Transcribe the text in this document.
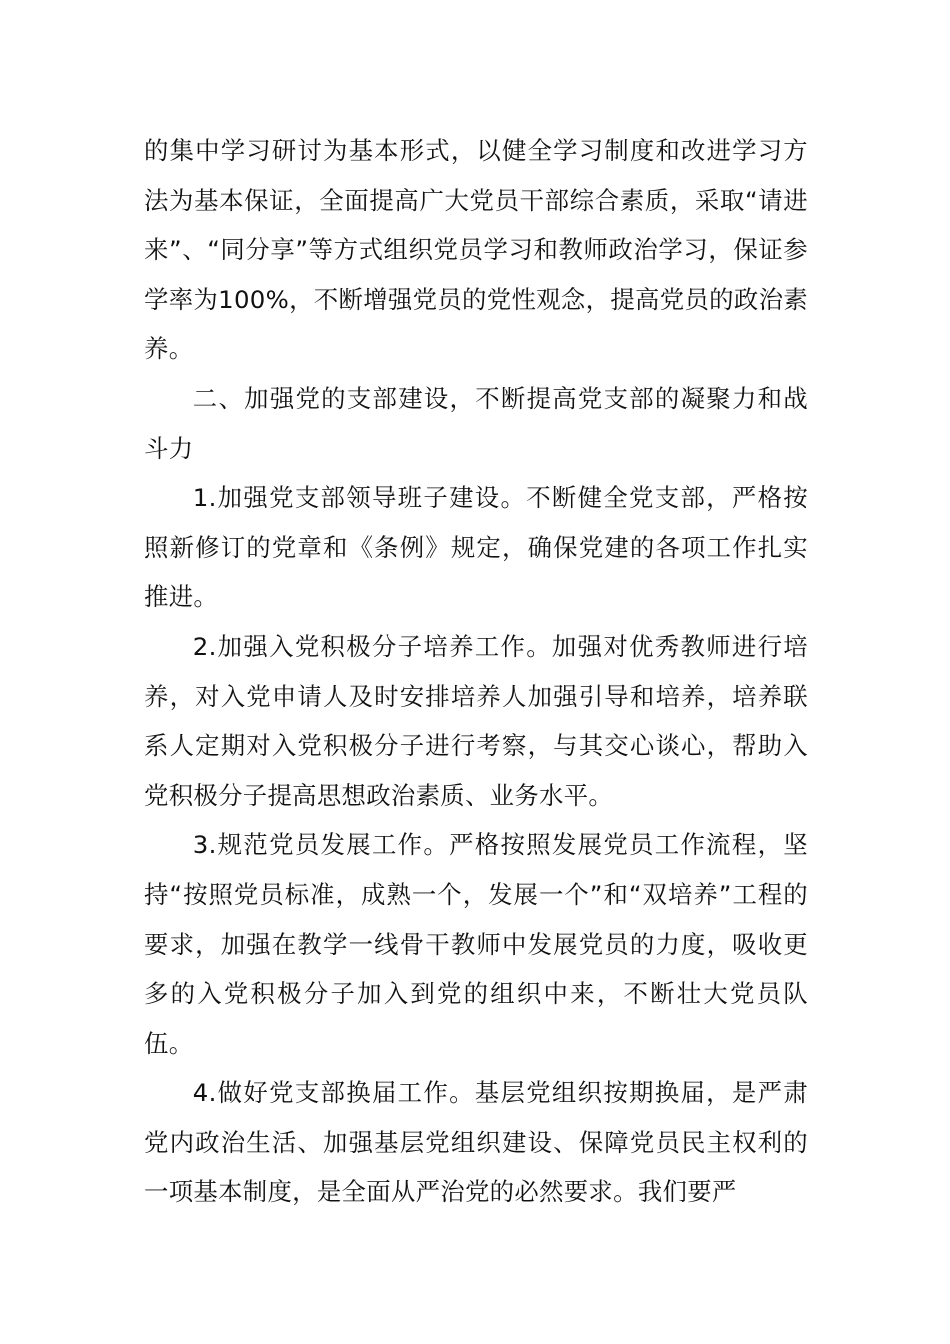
的集中学习研讨为基本形式，以健全学习制度和改进学习方法为基本保证，全面提高广大党员干部综合素质，采取“请进来”、“同分享”等方式组织党员学习和教师政治学习，保证参学率为100%，不断增强党员的党性观念，提高党员的政治素养。

二、加强党的支部建设，不断提高党支部的凝聚力和战斗力

1.加强党支部领导班子建设。不断健全党支部，严格按照新修订的党章和《条例》规定，确保党建的各项工作扎实推进。

2.加强入党积极分子培养工作。加强对优秀教师进行培养，对入党申请人及时安排培养人加强引导和培养，培养联系人定期对入党积极分子进行考察，与其交心谈心，帮助入党积极分子提高思想政治素质、业务水平。

3.规范党员发展工作。严格按照发展党员工作流程，坚持“按照党员标准，成熟一个，发展一个”和“双培养”工程的要求，加强在教学一线骨干教师中发展党员的力度，吸收更多的入党积极分子加入到党的组织中来，不断壮大党员队伍。

4.做好党支部换届工作。基层党组织按期换届，是严肃党内政治生活、加强基层党组织建设、保障党员民主权利的一项基本制度，是全面从严治党的必然要求。我们要严
